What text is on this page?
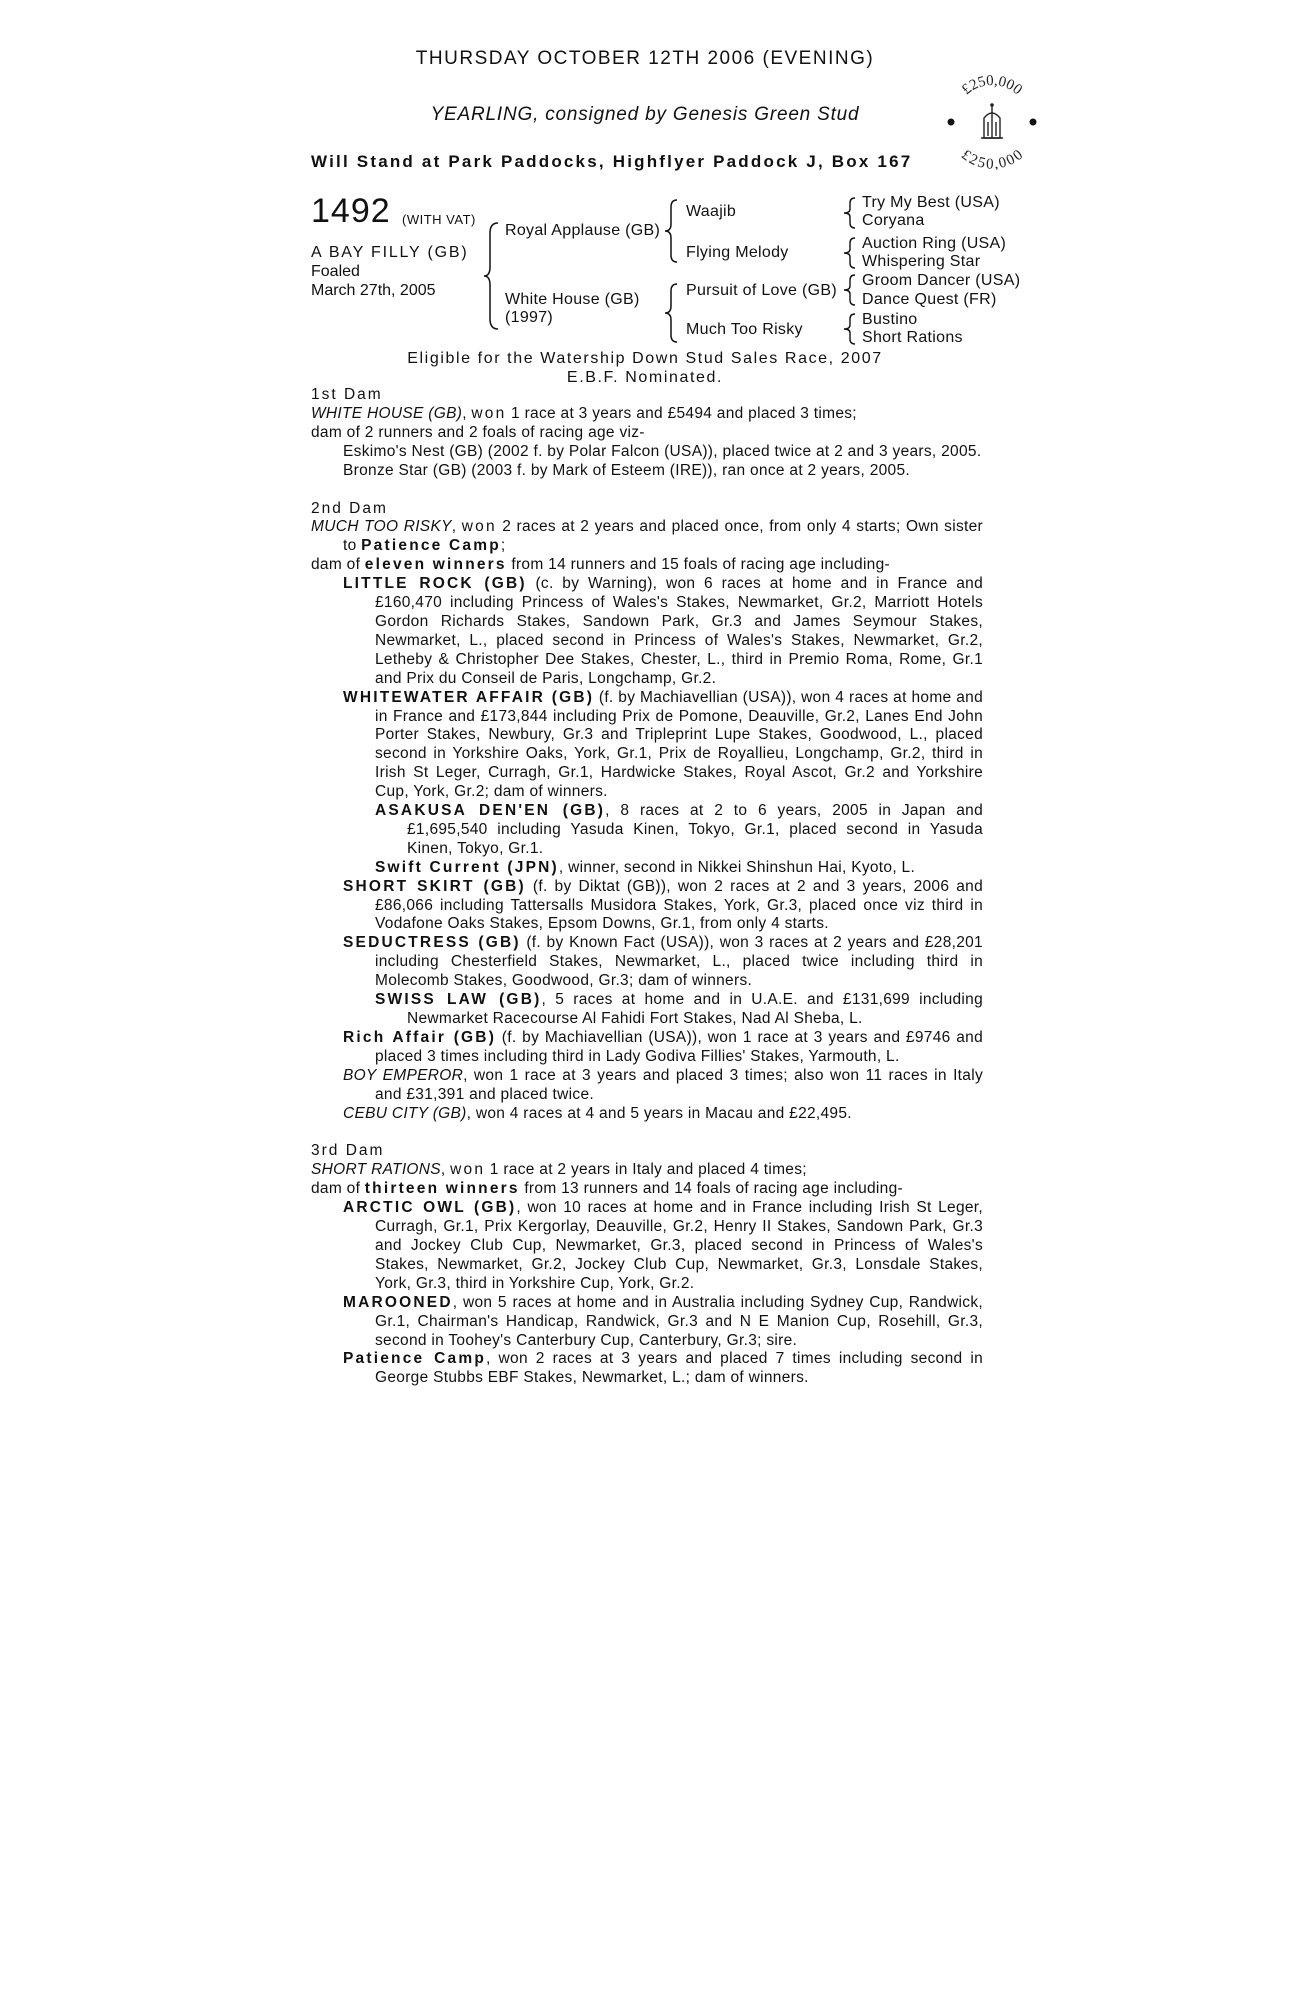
THURSDAY OCTOBER 12TH 2006 (EVENING)
YEARLING, consigned by Genesis Green Stud
Will Stand at Park Paddocks, Highflyer Paddock J, Box 167
£250,000
£250,000
1492 (WITH VAT)
A BAY FILLY (GB)
Foaled
March 27th, 2005
Royal Applause (GB)
White House (GB)
(1997)
Waajib
Flying Melody
Pursuit of Love (GB)
Much Too Risky
Try My Best (USA)
Coryana
Auction Ring (USA)
Whispering Star
Groom Dancer (USA)
Dance Quest (FR)
Bustino
Short Rations
Eligible for the Watership Down Stud Sales Race, 2007
E.B.F. Nominated.
1st Dam
WHITE HOUSE (GB), won 1 race at 3 years and £5494 and placed 3 times;
dam of 2 runners and 2 foals of racing age viz-
Eskimo's Nest (GB) (2002 f. by Polar Falcon (USA)), placed twice at 2 and 3 years, 2005.
Bronze Star (GB) (2003 f. by Mark of Esteem (IRE)), ran once at 2 years, 2005.
2nd Dam
MUCH TOO RISKY, won 2 races at 2 years and placed once, from only 4 starts; Own sister to Patience Camp;
dam of eleven winners from 14 runners and 15 foals of racing age including-
LITTLE ROCK (GB) (c. by Warning), won 6 races at home and in France and £160,470 including Princess of Wales's Stakes, Newmarket, Gr.2, Marriott Hotels Gordon Richards Stakes, Sandown Park, Gr.3 and James Seymour Stakes, Newmarket, L., placed second in Princess of Wales's Stakes, Newmarket, Gr.2, Letheby & Christopher Dee Stakes, Chester, L., third in Premio Roma, Rome, Gr.1 and Prix du Conseil de Paris, Longchamp, Gr.2.
WHITEWATER AFFAIR (GB) (f. by Machiavellian (USA)), won 4 races at home and in France and £173,844 including Prix de Pomone, Deauville, Gr.2, Lanes End John Porter Stakes, Newbury, Gr.3 and Tripleprint Lupe Stakes, Goodwood, L., placed second in Yorkshire Oaks, York, Gr.1, Prix de Royallieu, Longchamp, Gr.2, third in Irish St Leger, Curragh, Gr.1, Hardwicke Stakes, Royal Ascot, Gr.2 and Yorkshire Cup, York, Gr.2; dam of winners.
ASAKUSA DEN'EN (GB), 8 races at 2 to 6 years, 2005 in Japan and £1,695,540 including Yasuda Kinen, Tokyo, Gr.1, placed second in Yasuda Kinen, Tokyo, Gr.1.
Swift Current (JPN), winner, second in Nikkei Shinshun Hai, Kyoto, L.
SHORT SKIRT (GB) (f. by Diktat (GB)), won 2 races at 2 and 3 years, 2006 and £86,066 including Tattersalls Musidora Stakes, York, Gr.3, placed once viz third in Vodafone Oaks Stakes, Epsom Downs, Gr.1, from only 4 starts.
SEDUCTRESS (GB) (f. by Known Fact (USA)), won 3 races at 2 years and £28,201 including Chesterfield Stakes, Newmarket, L., placed twice including third in Molecomb Stakes, Goodwood, Gr.3; dam of winners.
SWISS LAW (GB), 5 races at home and in U.A.E. and £131,699 including Newmarket Racecourse Al Fahidi Fort Stakes, Nad Al Sheba, L.
Rich Affair (GB) (f. by Machiavellian (USA)), won 1 race at 3 years and £9746 and placed 3 times including third in Lady Godiva Fillies' Stakes, Yarmouth, L.
BOY EMPEROR, won 1 race at 3 years and placed 3 times; also won 11 races in Italy and £31,391 and placed twice.
CEBU CITY (GB), won 4 races at 4 and 5 years in Macau and £22,495.
3rd Dam
SHORT RATIONS, won 1 race at 2 years in Italy and placed 4 times;
dam of thirteen winners from 13 runners and 14 foals of racing age including-
ARCTIC OWL (GB), won 10 races at home and in France including Irish St Leger, Curragh, Gr.1, Prix Kergorlay, Deauville, Gr.2, Henry II Stakes, Sandown Park, Gr.3 and Jockey Club Cup, Newmarket, Gr.3, placed second in Princess of Wales's Stakes, Newmarket, Gr.2, Jockey Club Cup, Newmarket, Gr.3, Lonsdale Stakes, York, Gr.3, third in Yorkshire Cup, York, Gr.2.
MAROONED, won 5 races at home and in Australia including Sydney Cup, Randwick, Gr.1, Chairman's Handicap, Randwick, Gr.3 and N E Manion Cup, Rosehill, Gr.3, second in Toohey's Canterbury Cup, Canterbury, Gr.3; sire.
Patience Camp, won 2 races at 3 years and placed 7 times including second in George Stubbs EBF Stakes, Newmarket, L.; dam of winners.
